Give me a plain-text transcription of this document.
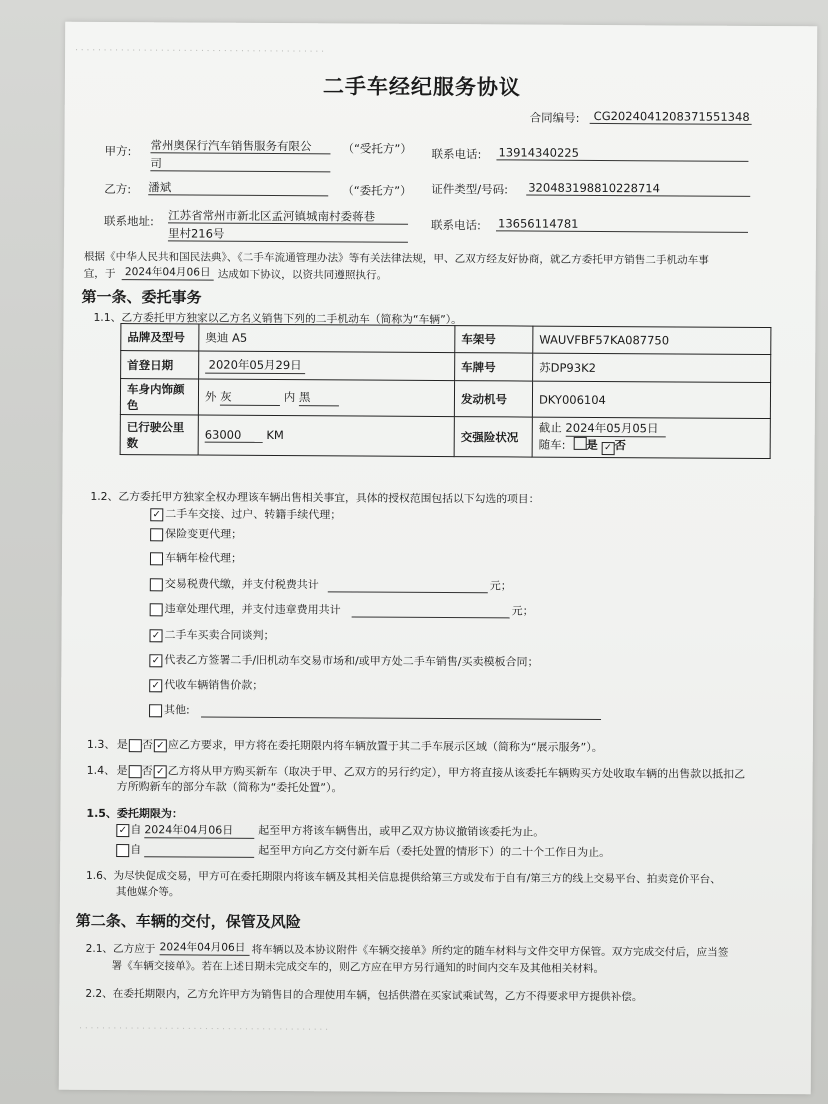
· · · · · · · · · · · · · · · · · · · · · · · · · · · · · · · · · · · · · · · · · · · ·
二手车经纪服务协议
合同编号:	CG2024041208371551348
甲方: 常州奥保行汽车销售服务有限公
司
（“受托方”） 联系电话: 13914340225
乙方: 潘斌	（“委托方”） 证件类型/号码: 320483198810228714
联系地址: 江苏省常州市新北区孟河镇城南村委蒋巷
里村216号
联系电话: 13656114781
根据《中华人民共和国民法典》、《二手车流通管理办法》等有关法律法规，甲、乙双方经友好协商，就乙方委托甲方销售二手机动车事
宜，于 2024年04月06日 达成如下协议，以资共同遵照执行。
第一条、委托事务
1.1、乙方委托甲方独家以乙方名义销售下列的二手机动车（简称为“车辆”）。
品牌及型号	奥迪 A5	车架号	WAUVFBF57KA087750
首登日期	2020年05月29日	车牌号	苏DP93K2
车身内饰颜
色	外 灰 内 黑	发动机号	DKY006104
已行驶公里
数	63000 KM	交强险状况	截止 2024年05月05日
随车: 是 ✓ 否
1.2、乙方委托甲方独家全权办理该车辆出售相关事宜，具体的授权范围包括以下勾选的项目：
✓ 二手车交接、过户、转籍手续代理；
保险变更代理；
车辆年检代理；
交易税费代缴，并支付税费共计	元；
违章处理代理，并支付违章费用共计	元；
✓ 二手车买卖合同谈判；
✓ 代表乙方签署二手/旧机动车交易市场和/或甲方处二手车销售/买卖模板合同；
✓ 代收车辆销售价款；
其他:
1.3、 是 否 ✓ 应乙方要求，甲方将在委托期限内将车辆放置于其二手车展示区域（简称为“展示服务”）。
1.4、 是 否 ✓ 乙方将从甲方购买新车（取决于甲、乙双方的另行约定），甲方将直接从该委托车辆购买方处收取车辆的出售款以抵扣乙
方所购新车的部分车款（简称为“委托处置”）。
1.5、委托期限为：
✓ 自 2024年04月06日	起至甲方将该车辆售出，或甲乙双方协议撤销该委托为止。
自	起至甲方向乙方交付新车后（委托处置的情形下）的二十个工作日为止。
1.6、为尽快促成交易，甲方可在委托期限内将该车辆及其相关信息提供给第三方或发布于自有/第三方的线上交易平台、拍卖竞价平台、
其他媒介等。
第二条、车辆的交付，保管及风险
2.1、乙方应于 2024年04月06日 将车辆以及本协议附件《车辆交接单》所约定的随车材料与文件交甲方保管。双方完成交付后，应当签
署《车辆交接单》。若在上述日期未完成交车的，则乙方应在甲方另行通知的时间内交车及其他相关材料。
2.2、在委托期限内，乙方允许甲方为销售目的合理使用车辆，包括供潜在买家试乘试驾，乙方不得要求甲方提供补偿。
· · · · · · · · · · · · · · · · · · · · · · · · · · · · · · · · · · · · · · · · · · · ·
